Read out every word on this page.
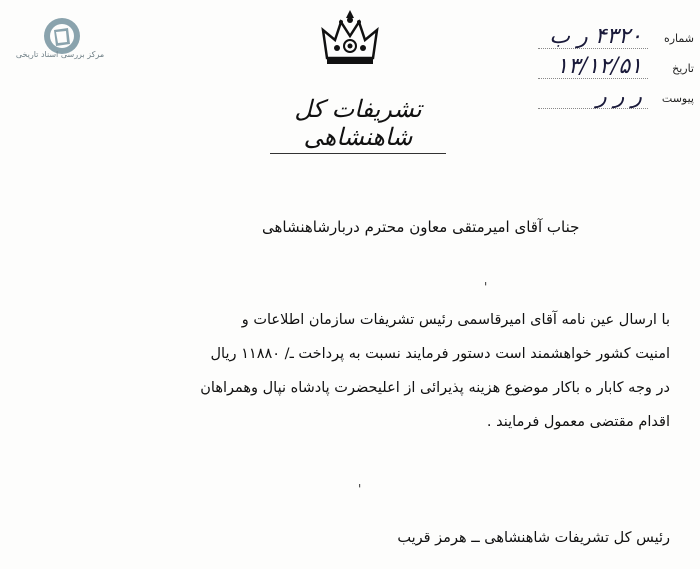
مرکز بررسی اسناد تاریخی
تشریفات کل شاهنشاهی
شماره
۴۳۲۰ ر ب
تاریخ
۱۳/۱۲/۵۱
پیوست
ر ر ر
جناب آقای امیرمتقی معاون محترم دربارشاهنشاهی
'
با ارسال عین نامه آقای امیرقاسمی رئیس تشریفات سازمان اطلاعات و
امنیت کشور خواهشمند است دستور فرمایند نسبت به پرداخت ـ/ ۱۱۸۸۰ ریال
در وجه کابار ه باکار موضوع هزینه پذیرائی از اعلیحضرت پادشاه نپال وهمراهان
اقدام مقتضی معمول فرمایند .
'
رئیس کل تشریفات شاهنشاهی ــ هرمز قریب
